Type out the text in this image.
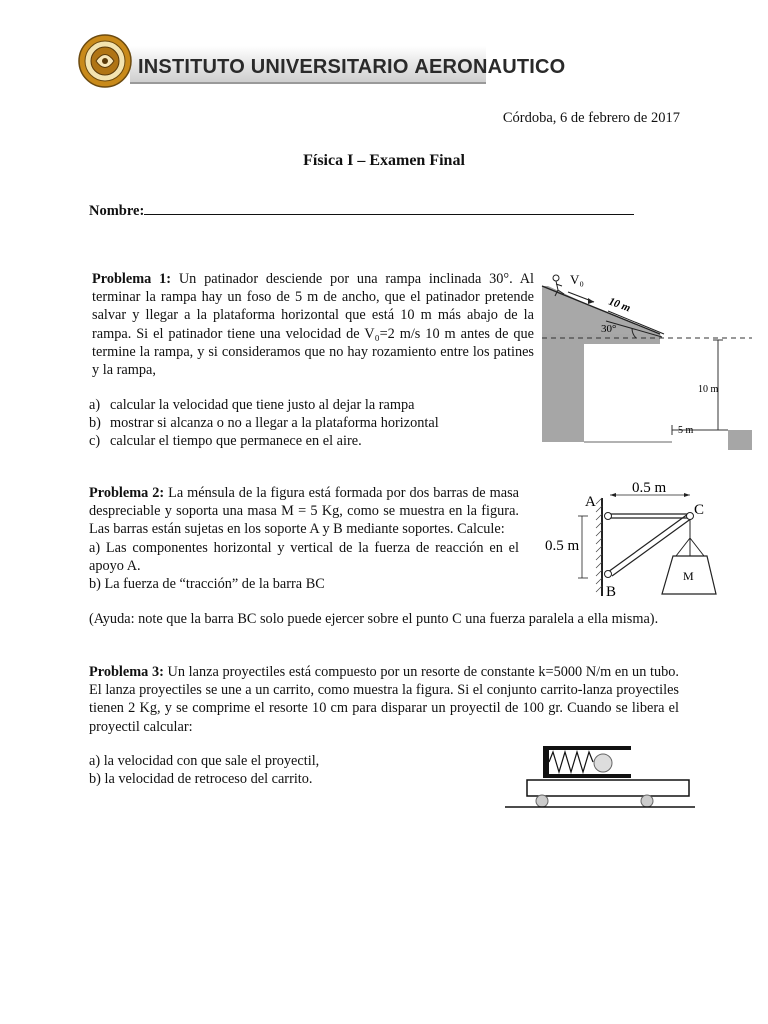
INSTITUTO UNIVERSITARIO AERONAUTICO
Córdoba, 6 de febrero de 2017
Física I – Examen Final
Nombre:
Problema 1: Un patinador desciende por una rampa inclinada 30°. Al terminar la rampa hay un foso de 5 m de ancho, que el patinador pretende salvar y llegar a la plataforma horizontal que está 10 m más abajo de la rampa. Si el patinador tiene una velocidad de V₀=2 m/s 10 m antes de que termine la rampa, y si consideramos que no hay rozamiento entre los patines y la rampa,
a) calcular la velocidad que tiene justo al dejar la rampa
b) mostrar si alcanza o no a llegar a la plataforma horizontal
c) calcular el tiempo que permanece en el aire.
V₀
10 m
30°
10 m
5 m
Problema 2: La ménsula de la figura está formada por dos barras de masa despreciable y soporta una masa M = 5 Kg, como se muestra en la figura. Las barras están sujetas en los soporte A y B mediante soportes. Calcule:
a) Las componentes horizontal y vertical de la fuerza de reacción en el apoyo A.
b) La fuerza de “tracción” de la barra BC
(Ayuda: note que la barra BC solo puede ejercer sobre el punto C una fuerza paralela a ella misma).
A
B
C
M
0.5 m
0.5 m
Problema 3: Un lanza proyectiles está compuesto por un resorte de constante k=5000 N/m en un tubo. El lanza proyectiles se une a un carrito, como muestra la figura. Si el conjunto carrito-lanza proyectiles tienen 2 Kg, y se comprime el resorte 10 cm para disparar un proyectil de 100 gr. Cuando se libera el proyectil calcular:
a) la velocidad con que sale el proyectil,
b) la velocidad de retroceso del carrito.
